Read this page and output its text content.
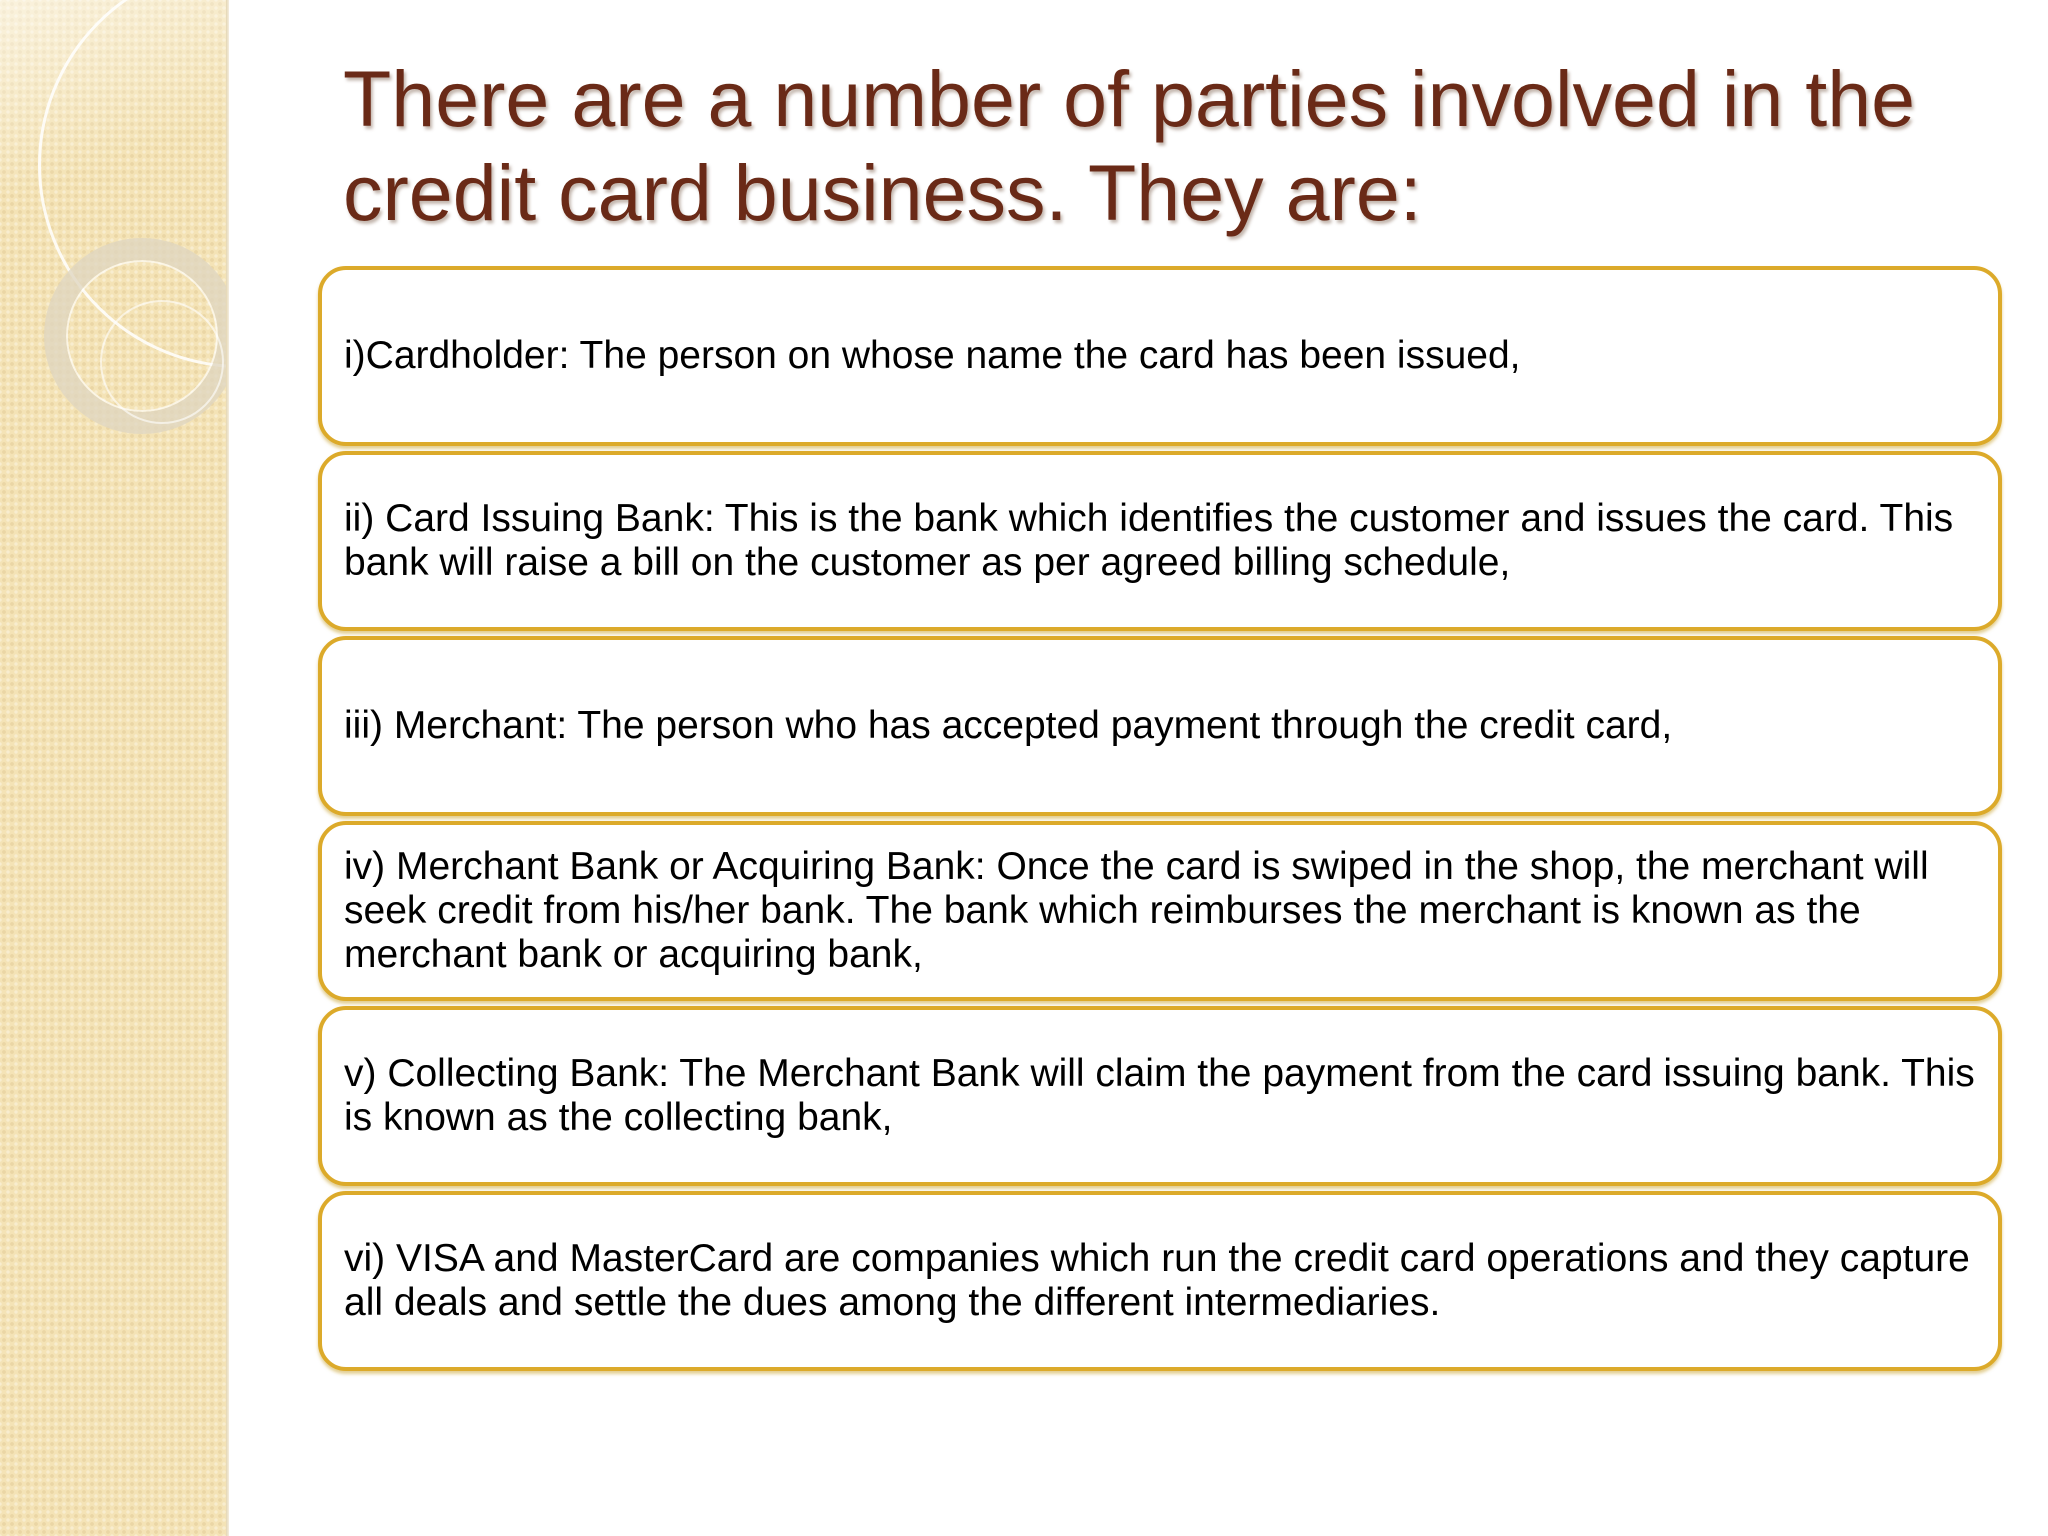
There are a number of parties involved in the credit card business. They are:
i)Cardholder: The person on whose name the card has been issued,
ii) Card Issuing Bank: This is the bank which identifies the customer and issues the card. This bank will raise a bill on the customer as per agreed billing schedule,
iii) Merchant: The person who has accepted payment through the credit card,
iv) Merchant Bank or Acquiring Bank: Once the card is swiped in the shop, the merchant will seek credit from his/her bank. The bank which reimburses the merchant is known as the merchant bank or acquiring bank,
v) Collecting Bank: The Merchant Bank will claim the payment from the card issuing bank. This is known as the collecting bank,
vi) VISA and MasterCard are companies which run the credit card operations and they capture all deals and settle the dues among the different intermediaries.
